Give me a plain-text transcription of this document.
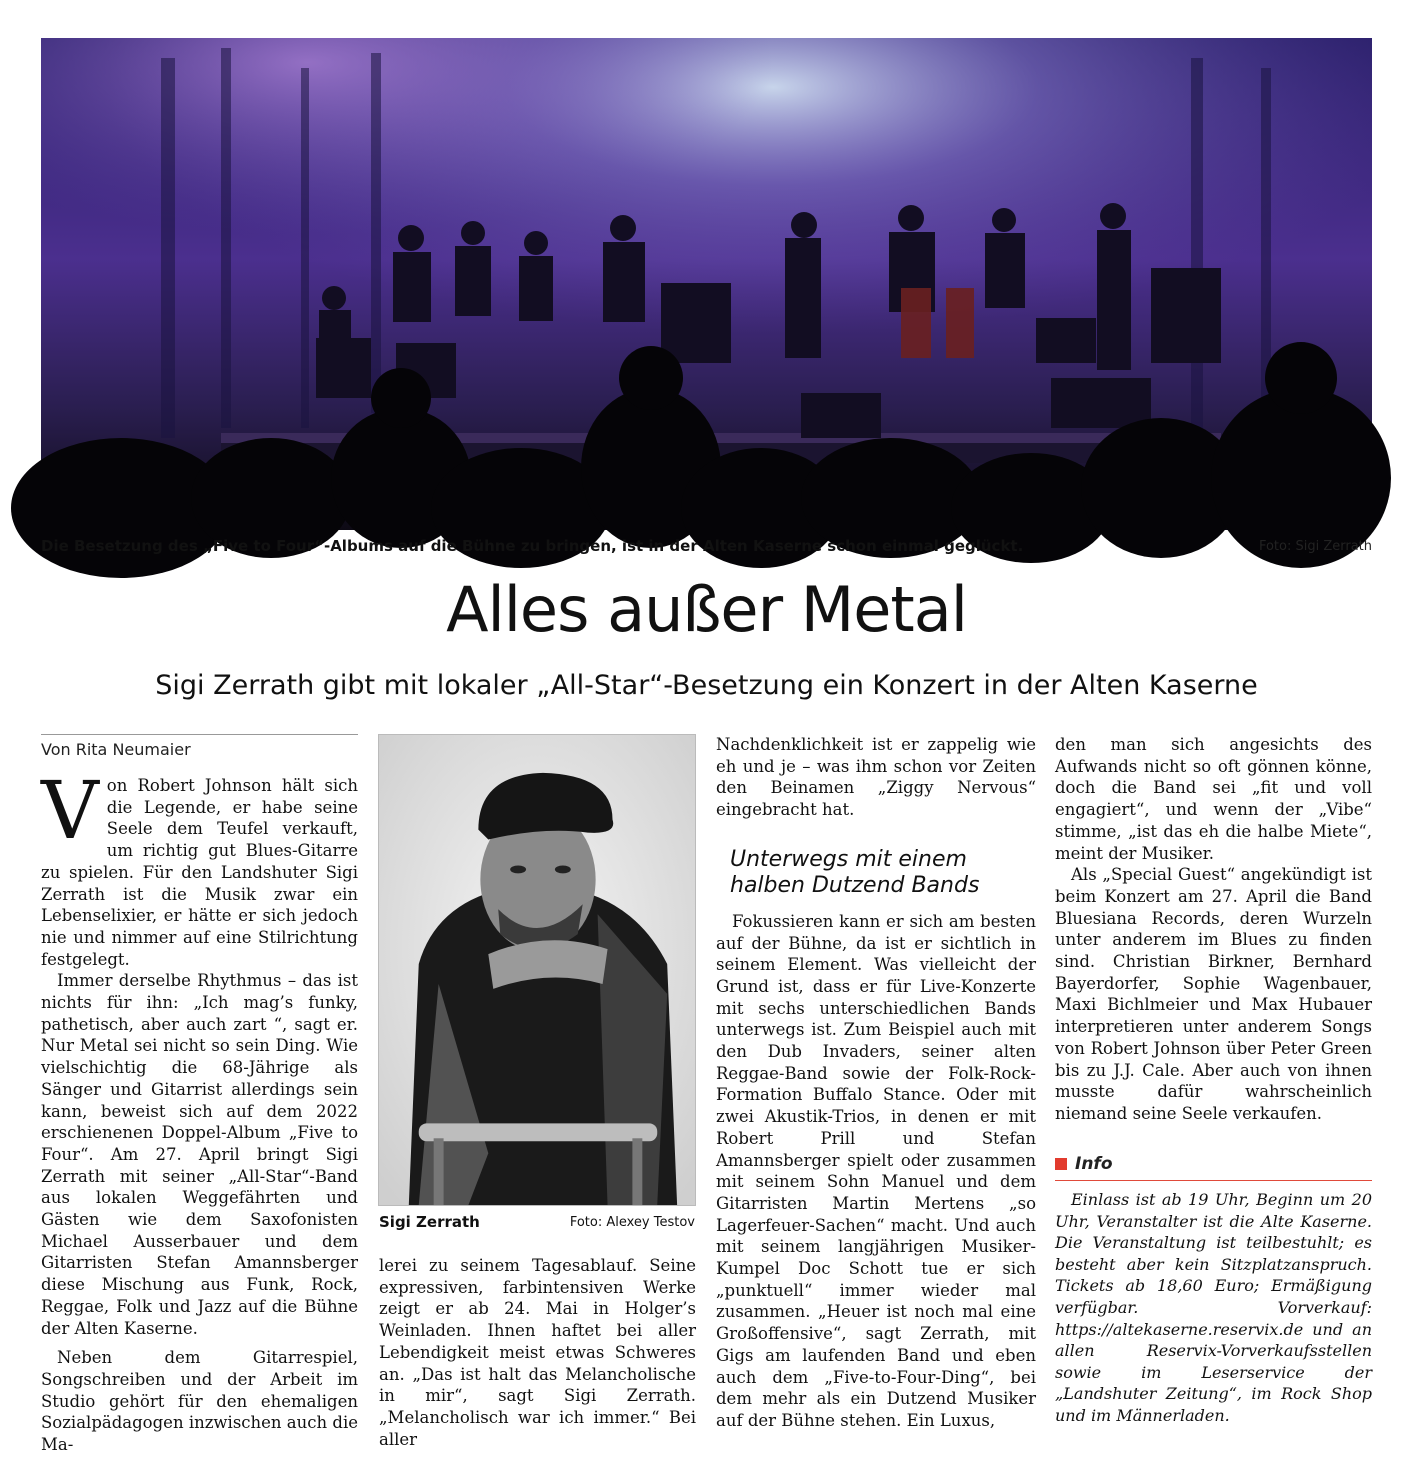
Die Besetzung des „Five to Four“-Albums auf die Bühne zu bringen, ist in der Alten Kaserne schon einmal geglückt.	Foto: Sigi Zerrath
Alles außer Metal
Sigi Zerrath gibt mit lokaler „All-Star“-Besetzung ein Konzert in der Alten Kaserne
Von Rita Neumaier

Von Robert Johnson hält sich die Legende, er habe seine Seele dem Teufel verkauft, um richtig gut Blues-Gitarre zu spielen. Für den Landshuter Sigi Zerrath ist die Musik zwar ein Lebenselixier, er hätte er sich jedoch nie und nimmer auf eine Stilrichtung festgelegt.

Immer derselbe Rhythmus – das ist nichts für ihn: „Ich mag’s funky, pathetisch, aber auch zart “, sagt er. Nur Metal sei nicht so sein Ding. Wie vielschichtig die 68-Jährige als Sänger und Gitarrist allerdings sein kann, beweist sich auf dem 2022 erschienenen Doppel-Album „Five to Four“. Am 27. April bringt Sigi Zerrath mit seiner „All-Star“-Band aus lokalen Weggefährten und Gästen wie dem Saxofonisten Michael Ausserbauer und dem Gitarristen Stefan Amannsberger diese Mischung aus Funk, Rock, Reggae, Folk und Jazz auf die Bühne der Alten Kaserne.

Neben dem Gitarrespiel, Songschreiben und der Arbeit im Studio gehört für den ehemaligen Sozialpädagogen inzwischen auch die Ma-

Sigi Zerrath	Foto: Alexey Testov

lerei zu seinem Tagesablauf. Seine expressiven, farbintensiven Werke zeigt er ab 24. Mai in Holger’s Weinladen. Ihnen haftet bei aller Lebendigkeit meist etwas Schweres an. „Das ist halt das Melancholische in mir“, sagt Sigi Zerrath. „Melancholisch war ich immer.“ Bei aller

Nachdenklichkeit ist er zappelig wie eh und je – was ihm schon vor Zeiten den Beinamen „Ziggy Nervous“ eingebracht hat.

Unterwegs mit einem halben Dutzend Bands

Fokussieren kann er sich am besten auf der Bühne, da ist er sichtlich in seinem Element. Was vielleicht der Grund ist, dass er für Live-Konzerte mit sechs unterschiedlichen Bands unterwegs ist. Zum Beispiel auch mit den Dub Invaders, seiner alten Reggae-Band sowie der Folk-Rock-Formation Buffalo Stance. Oder mit zwei Akustik-Trios, in denen er mit Robert Prill und Stefan Amannsberger spielt oder zusammen mit seinem Sohn Manuel und dem Gitarristen Martin Mertens „so Lagerfeuer-Sachen“ macht. Und auch mit seinem langjährigen Musiker-Kumpel Doc Schott tue er sich „punktuell“ immer wieder mal zusammen. „Heuer ist noch mal eine Großoffensive“, sagt Zerrath, mit Gigs am laufenden Band und eben auch dem „Five-to-Four-Ding“, bei dem mehr als ein Dutzend Musiker auf der Bühne stehen. Ein Luxus,

den man sich angesichts des Aufwands nicht so oft gönnen könne, doch die Band sei „fit und voll engagiert“, und wenn der „Vibe“ stimme, „ist das eh die halbe Miete“, meint der Musiker.

Als „Special Guest“ angekündigt ist beim Konzert am 27. April die Band Bluesiana Records, deren Wurzeln unter anderem im Blues zu finden sind. Christian Birkner, Bernhard Bayerdorfer, Sophie Wagenbauer, Maxi Bichlmeier und Max Hubauer interpretieren unter anderem Songs von Robert Johnson über Peter Green bis zu J.J. Cale. Aber auch von ihnen musste dafür wahrscheinlich niemand seine Seele verkaufen.

Info
Einlass ist ab 19 Uhr, Beginn um 20 Uhr, Veranstalter ist die Alte Kaserne. Die Veranstaltung ist teilbestuhlt; es besteht aber kein Sitzplatzanspruch. Tickets ab 18,60 Euro; Ermäßigung verfügbar. Vorverkauf: https://altekaserne.reservix.de und an allen Reservix-Vorverkaufsstellen sowie im Leserservice der „Landshuter Zeitung“, im Rock Shop und im Männerladen.
